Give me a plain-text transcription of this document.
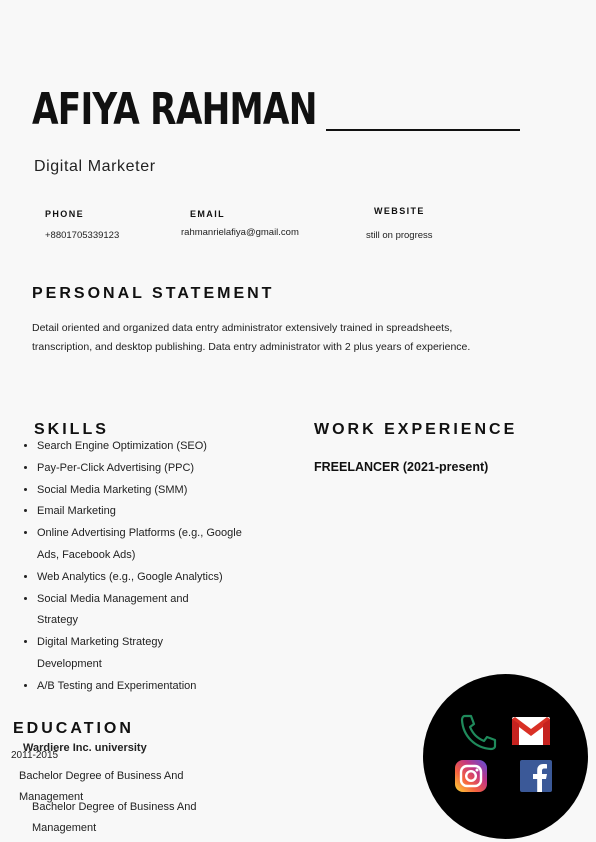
AFIYA RAHMAN
Digital Marketer
PHONE
+8801705339123
EMAIL
rahmanrielafiya@gmail.com
WEBSITE
still on progress
PERSONAL STATEMENT

Detail oriented and organized data entry administrator extensively trained in spreadsheets, transcription, and desktop publishing. Data entry administrator with 2 plus years of experience.

SKILLS
• Search Engine Optimization (SEO)
• Pay-Per-Click Advertising (PPC)
• Social Media Marketing (SMM)
• Email Marketing
• Online Advertising Platforms (e.g., Google Ads, Facebook Ads)
• Web Analytics (e.g., Google Analytics)
• Social Media Management and Strategy
• Digital Marketing Strategy Development
• A/B Testing and Experimentation
WORK EXPERIENCE
FREELANCER (2021-present)
EDUCATION
2011-2015
Wardiere Inc. university
Bachelor Degree of Business And Management
Bachelor Degree of Business And Management
